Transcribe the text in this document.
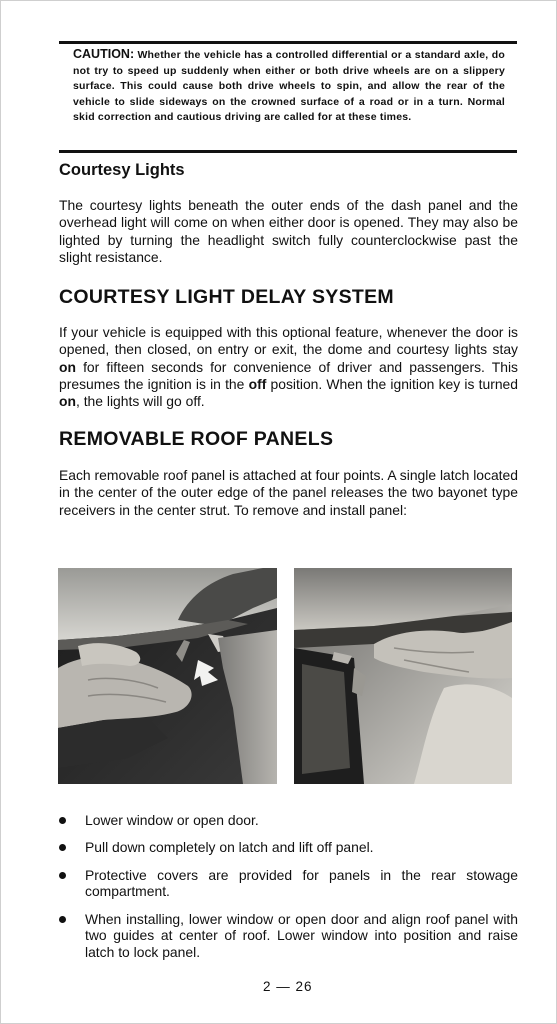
CAUTION: Whether the vehicle has a controlled differential or a standard axle, do not try to speed up suddenly when either or both drive wheels are on a slippery surface. This could cause both drive wheels to spin, and allow the rear of the vehicle to slide sideways on the crowned surface of a road or in a turn. Normal skid correction and cautious driving are called for at these times.

Courtesy Lights

The courtesy lights beneath the outer ends of the dash panel and the overhead light will come on when either door is opened. They may also be lighted by turning the headlight switch fully counterclockwise past the slight resistance.

COURTESY LIGHT DELAY SYSTEM

If your vehicle is equipped with this optional feature, whenever the door is opened, then closed, on entry or exit, the dome and courtesy lights stay on for fifteen seconds for convenience of driver and passengers. This presumes the ignition is in the off position. When the ignition key is turned on, the lights will go off.

REMOVABLE ROOF PANELS

Each removable roof panel is attached at four points. A single latch located in the center of the outer edge of the panel releases the two bayonet type receivers in the center strut. To remove and install panel:

Lower window or open door.
Pull down completely on latch and lift off panel.
Protective covers are provided for panels in the rear stowage compartment.
When installing, lower window or open door and align roof panel with two guides at center of roof. Lower window into position and raise latch to lock panel.
2 — 26
